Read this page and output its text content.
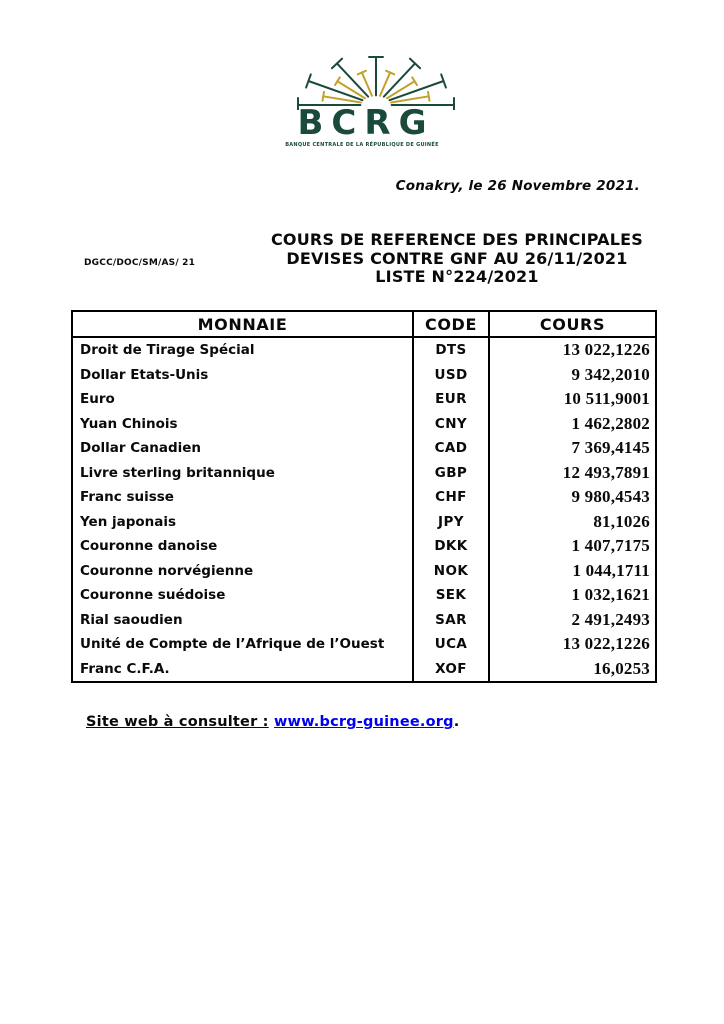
BCRG
BANQUE CENTRALE DE LA RÉPUBLIQUE DE GUINÉE
Conakry, le 26 Novembre 2021.
DGCC/DOC/SM/AS/ 21
COURS DE REFERENCE DES PRINCIPALES
DEVISES CONTRE GNF AU 26/11/2021
LISTE N°224/2021
MONNAIE	CODE	COURS
Droit de Tirage Spécial	DTS	13 022,1226
Dollar Etats-Unis	USD	9 342,2010
Euro	EUR	10 511,9001
Yuan Chinois	CNY	1 462,2802
Dollar Canadien	CAD	7 369,4145
Livre sterling britannique	GBP	12 493,7891
Franc suisse	CHF	9 980,4543
Yen japonais	JPY	81,1026
Couronne danoise	DKK	1 407,7175
Couronne norvégienne	NOK	1 044,1711
Couronne suédoise	SEK	1 032,1621
Rial saoudien	SAR	2 491,2493
Unité de Compte de l’Afrique de l’Ouest	UCA	13 022,1226
Franc C.F.A.	XOF	16,0253
Site web à consulter : www.bcrg-guinee.org.
